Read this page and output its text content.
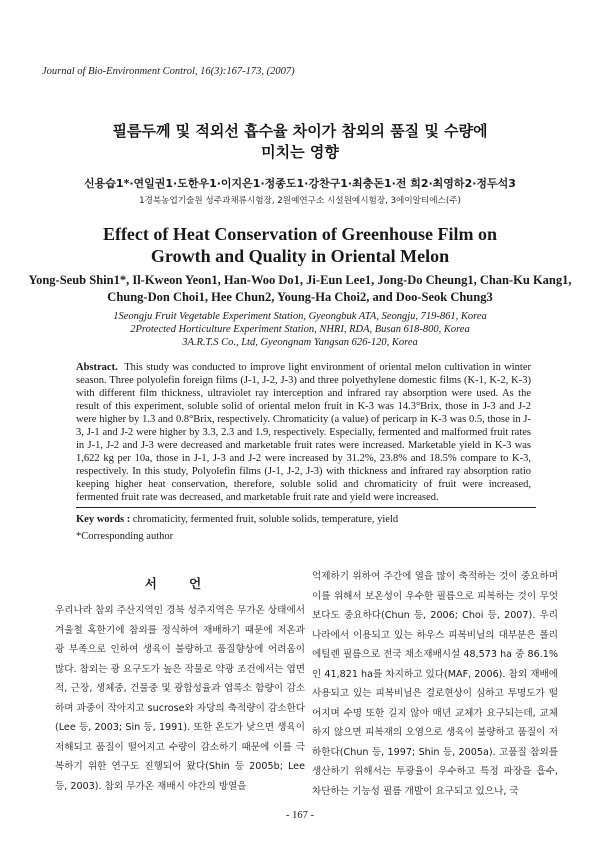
Journal of Bio-Environment Control, 16(3):167-173, (2007)
필름두께 및 적외선 흡수율 차이가 참외의 품질 및 수량에
미치는 영향
신용습1*·연일권1·도한우1·이지은1·정종도1·강찬구1·최충돈1·전 희2·최영하2·정두석3
1경북농업기술원 성주과채류시험장, 2원예연구소 시설원예시험장, 3에이알티에스(주)
Effect of Heat Conservation of Greenhouse Film on
Growth and Quality in Oriental Melon
Yong-Seub Shin1*, Il-Kweon Yeon1, Han-Woo Do1, Ji-Eun Lee1, Jong-Do Cheung1, Chan-Ku Kang1,
Chung-Don Choi1, Hee Chun2, Young-Ha Choi2, and Doo-Seok Chung3
1Seongju Fruit Vegetable Experiment Station, Gyeongbuk ATA, Seongju, 719-861, Korea
2Protected Horticulture Experiment Station, NHRI, RDA, Busan 618-800, Korea
3A.R.T.S Co., Ltd, Gyeongnam Yangsan 626-120, Korea
Abstract. This study was conducted to improve light environment of oriental melon cultivation in winter season. Three polyolefin foreign films (J-1, J-2, J-3) and three polyethylene domestic films (K-1, K-2, K-3) with different film thickness, ultraviolet ray interception and infrared ray absorption were used. As the result of this experiment, soluble solid of oriental melon fruit in K-3 was 14.3°Brix, those in J-3 and J-2 were higher by 1.3 and 0.8°Brix, respectively. Chromaticity (a value) of pericarp in K-3 was 0.5, those in J-3, J-1 and J-2 were higher by 3.3, 2.3 and 1.9, respectively. Especially, fermented and malformed fruit rates in J-1, J-2 and J-3 were decreased and marketable fruit rates were increased. Marketable yield in K-3 was 1,622 kg per 10a, those in J-1, J-3 and J-2 were increased by 31.2%, 23.8% and 18.5% compare to K-3, respectively. In this study, Polyolefin films (J-1, J-2, J-3) with thickness and infrared ray absorption ratio keeping higher heat conservation, therefore, soluble solid and chromaticity of fruit were increased, fermented fruit rate was decreased, and marketable fruit rate and yield were increased.
Key words : chromaticity, fermented fruit, soluble solids, temperature, yield
*Corresponding author
서 언

우리나라 참외 주산지역인 경북 성주지역은 무가온 상태에서 겨울철 혹한기에 참외를 정식하여 재배하기 때문에 저온과 광 부족으로 인하여 생육이 불량하고 품질향상에 어려움이 많다. 참외는 광 요구도가 높은 작물로 약광 조건에서는 엽면적, 근장, 생체중, 건물중 및 광합성율과 엽록소 함량이 감소하며 과중이 작아지고 sucrose와 자당의 축적량이 감소한다(Lee 등, 2003; Sin 등, 1991). 또한 온도가 낮으면 생육이 저해되고 품질이 떨어지고 수량이 감소하기 때문에 이를 극복하기 위한 연구도 진행되어 왔다(Shin 등 2005b; Lee 등, 2003). 참외 무가온 재배시 야간의 방열을

억제하기 위하여 주간에 열을 많이 축적하는 것이 중요하며 이를 위해서 보온성이 우수한 필름으로 피복하는 것이 무엇보다도 중요하다(Chun 등, 2006; Choi 등, 2007). 우리나라에서 이용되고 있는 하우스 피복비닐의 대부분은 폴리에틸렌 필름으로 전국 채소재배시설 48,573 ha 중 86.1%인 41,821 ha를 차지하고 있다(MAF, 2006). 참외 재배에 사용되고 있는 피복비닐은 결로현상이 심하고 투명도가 떨어지며 수명 또한 길지 않아 매년 교체가 요구되는데, 교체하지 않으면 피복재의 오염으로 생육이 불량하고 품질이 저하한다(Chun 등, 1997; Shin 등, 2005a). 고품질 참외를 생산하기 위해서는 투광율이 우수하고 특정 파장을 흡수, 차단하는 기능성 필름 개발이 요구되고 있으나, 국

- 167 -
